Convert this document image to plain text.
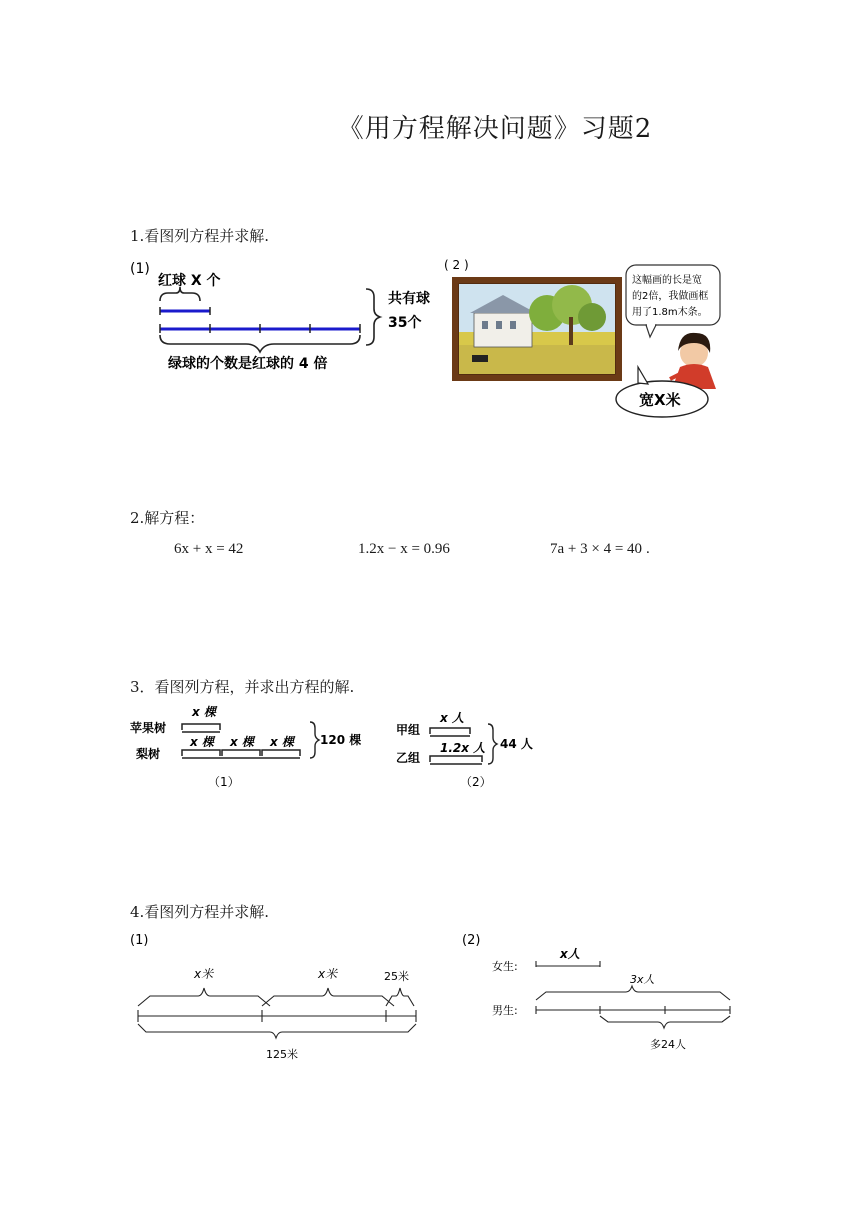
《用方程解决问题》习题2
1.看图列方程并求解.
(1)
红球 X 个
绿球的个数是红球的 4 倍
共有球
35个
( 2 )
这幅画的长是宽
的2倍，我做画框
用了1.8m木条。
宽X米
2.解方程：
6x + x = 42	1.2x − x = 0.96	7a + 3 × 4 = 40 .
3．看图列方程，并求出方程的解.
苹果树
梨树
x 棵
x 棵 x 棵 x 棵 120 棵
（1）
甲组
乙组
x 人
1.2x 人 44 人
（2）
4.看图列方程并求解.
(1)
x米	x米	25米
125米
(2)
女生:
x人
3x人
男生:
多24人
